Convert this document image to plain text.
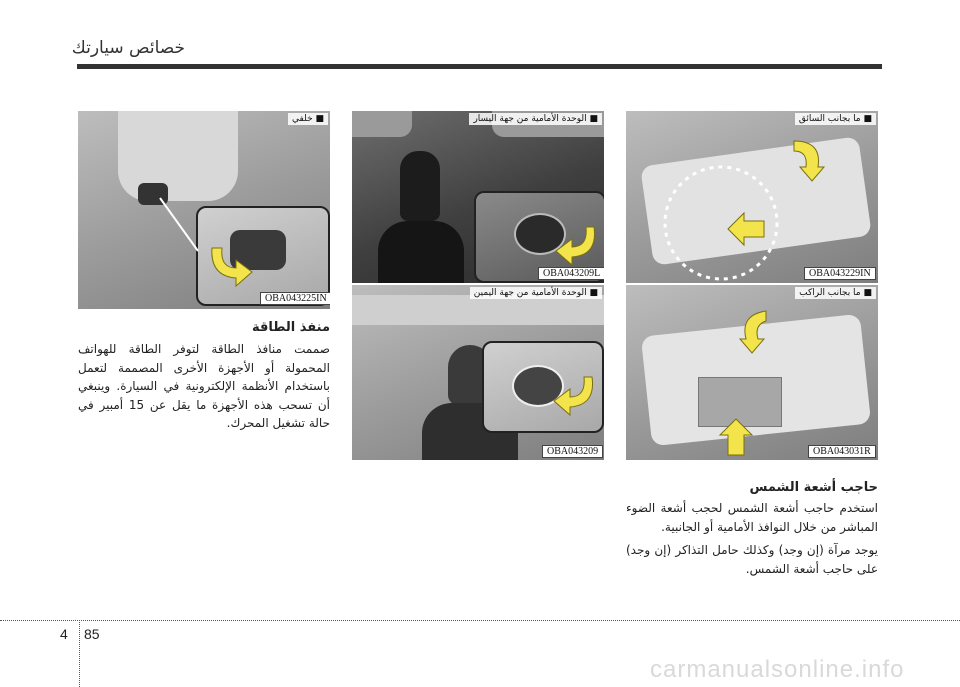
خصائص سيارتك
■ خلفي
OBA043225IN
■ الوحدة الأمامية من جهة اليسار
OBA043209L
■ الوحدة الأمامية من جهة اليمين
OBA043209
■ ما بجانب السائق
OBA043229IN
■ ما بجانب الراكب
OBA043031R
منفذ الطاقة
صممت منافذ الطاقة لتوفر الطاقة للهواتف المحمولة أو الأجهزة الأخرى المصممة لتعمل باستخدام الأنظمة الإلكترونية في السيارة. وينبغي أن تسحب هذه الأجهزة ما يقل عن 15 أمبير في حالة تشغيل المحرك.
حاجب أشعة الشمس
استخدم حاجب أشعة الشمس لحجب أشعة الضوء المباشر من خلال النوافذ الأمامية أو الجانبية.
يوجد مرآة (إن وجد) وكذلك حامل التذاكر (إن وجد) على حاجب أشعة الشمس.
4 85
carmanualsonline.info
